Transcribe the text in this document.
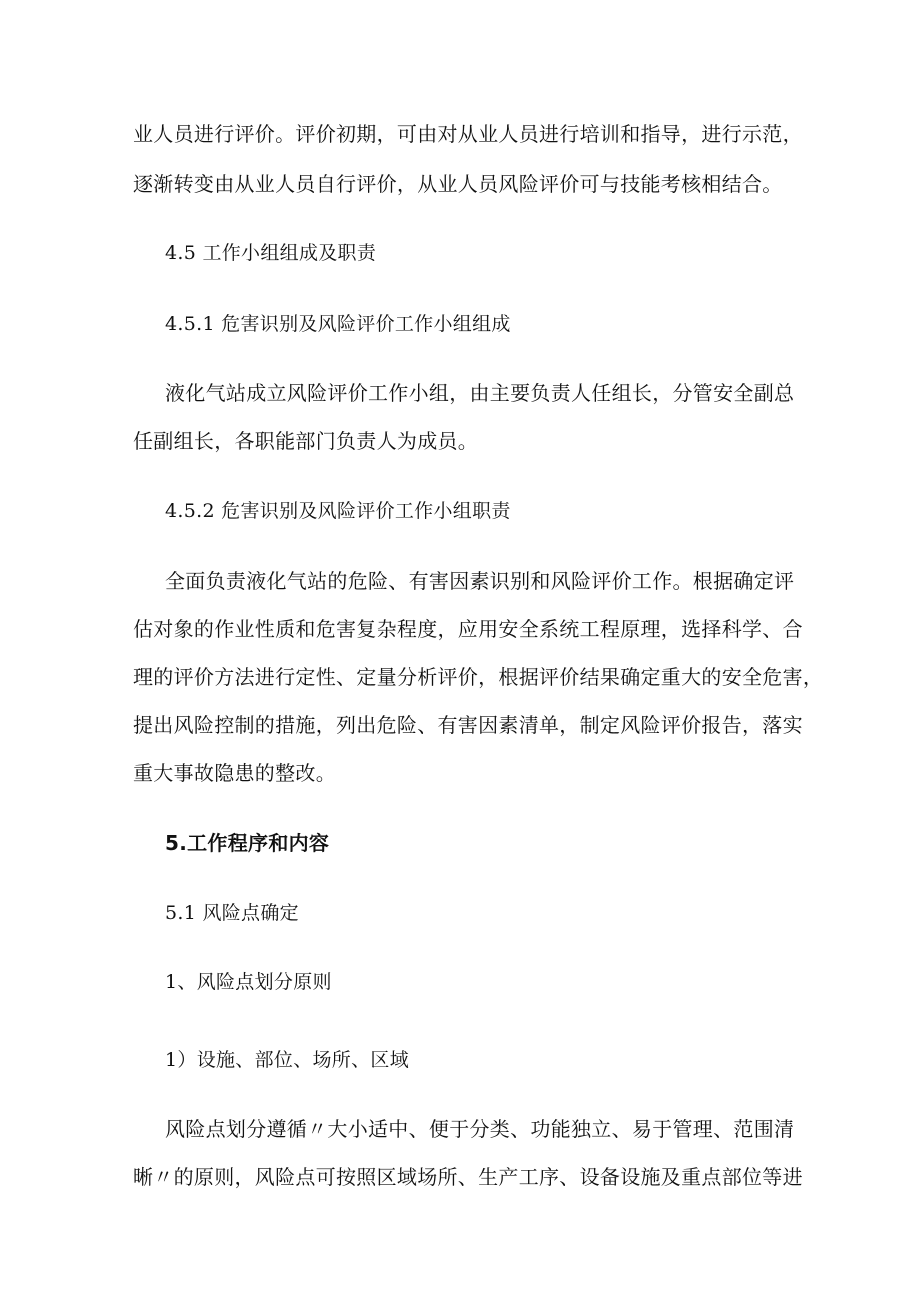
业人员进行评价。评价初期，可由对从业人员进行培训和指导，进行示范，
逐渐转变由从业人员自行评价，从业人员风险评价可与技能考核相结合。
4.5 工作小组组成及职责
4.5.1 危害识别及风险评价工作小组组成
液化气站成立风险评价工作小组，由主要负责人任组长，分管安全副总
任副组长，各职能部门负责人为成员。
4.5.2 危害识别及风险评价工作小组职责
全面负责液化气站的危险、有害因素识别和风险评价工作。根据确定评
估对象的作业性质和危害复杂程度，应用安全系统工程原理，选择科学、合
理的评价方法进行定性、定量分析评价，根据评价结果确定重大的安全危害，
提出风险控制的措施，列出危险、有害因素清单，制定风险评价报告，落实
重大事故隐患的整改。
5.工作程序和内容
5.1 风险点确定
1、风险点划分原则
1）设施、部位、场所、区域
风险点划分遵循〃大小适中、便于分类、功能独立、易于管理、范围清
晰〃的原则，风险点可按照区域场所、生产工序、设备设施及重点部位等进
